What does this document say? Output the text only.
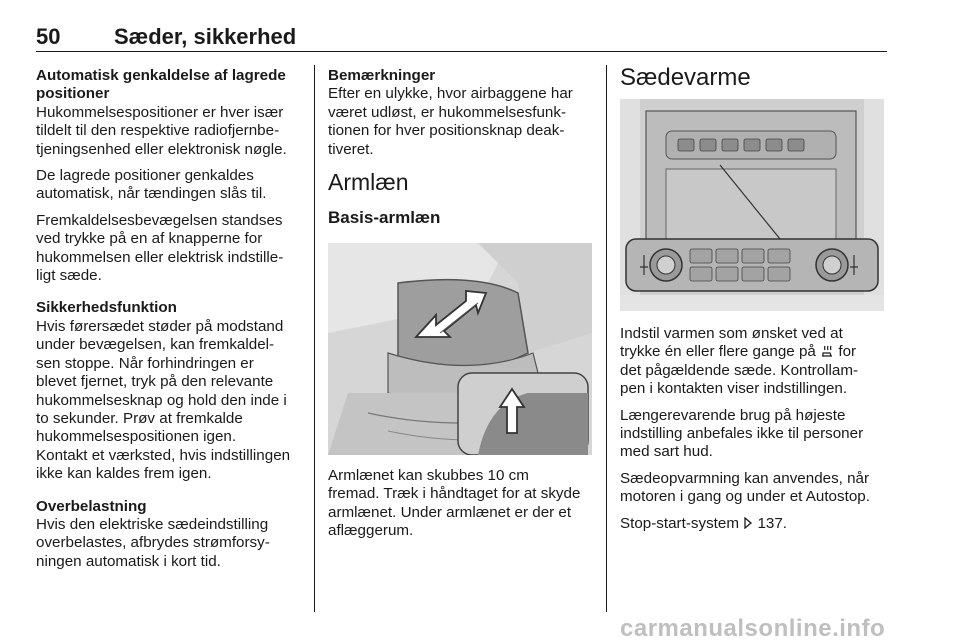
50 Sæder, sikkerhed

Automatisk genkaldelse af lagrede
positioner

Hukommelsespositioner er hver især
tildelt til den respektive radiofjernbe-
tjeningsenhed eller elektronisk nøgle.

De lagrede positioner genkaldes
automatisk, når tændingen slås til.

Fremkaldelsesbevægelsen standses
ved trykke på en af knapperne for
hukommelsen eller elektrisk indstille-
ligt sæde.

Sikkerhedsfunktion

Hvis førersædet støder på modstand
under bevægelsen, kan fremkaldel-
sen stoppe. Når forhindringen er
blevet fjernet, tryk på den relevante
hukommelsesknap og hold den inde i
to sekunder. Prøv at fremkalde
hukommelsespositionen igen.
Kontakt et værksted, hvis indstillingen
ikke kan kaldes frem igen.

Overbelastning

Hvis den elektriske sædeindstilling
overbelastes, afbrydes strømforsy-
ningen automatisk i kort tid.

Bemærkninger

Efter en ulykke, hvor airbaggene har
været udløst, er hukommelsesfunk-
tionen for hver positionsknap deak-
tiveret.

Armlæn
Basis-armlæn

Armlænet kan skubbes 10 cm
fremad. Træk i håndtaget for at skyde
armlænet. Under armlænet er der et
aflæggerum.

Sædevarme

Indstil varmen som ønsket ved at
trykke én eller flere gange på for
det pågældende sæde. Kontrollam-
pen i kontakten viser indstillingen.

Længerevarende brug på højeste
indstilling anbefales ikke til personer
med sart hud.

Sædeopvarmning kan anvendes, når
motoren i gang og under et Autostop.

Stop-start-system 137.

carmanualsonline.info
